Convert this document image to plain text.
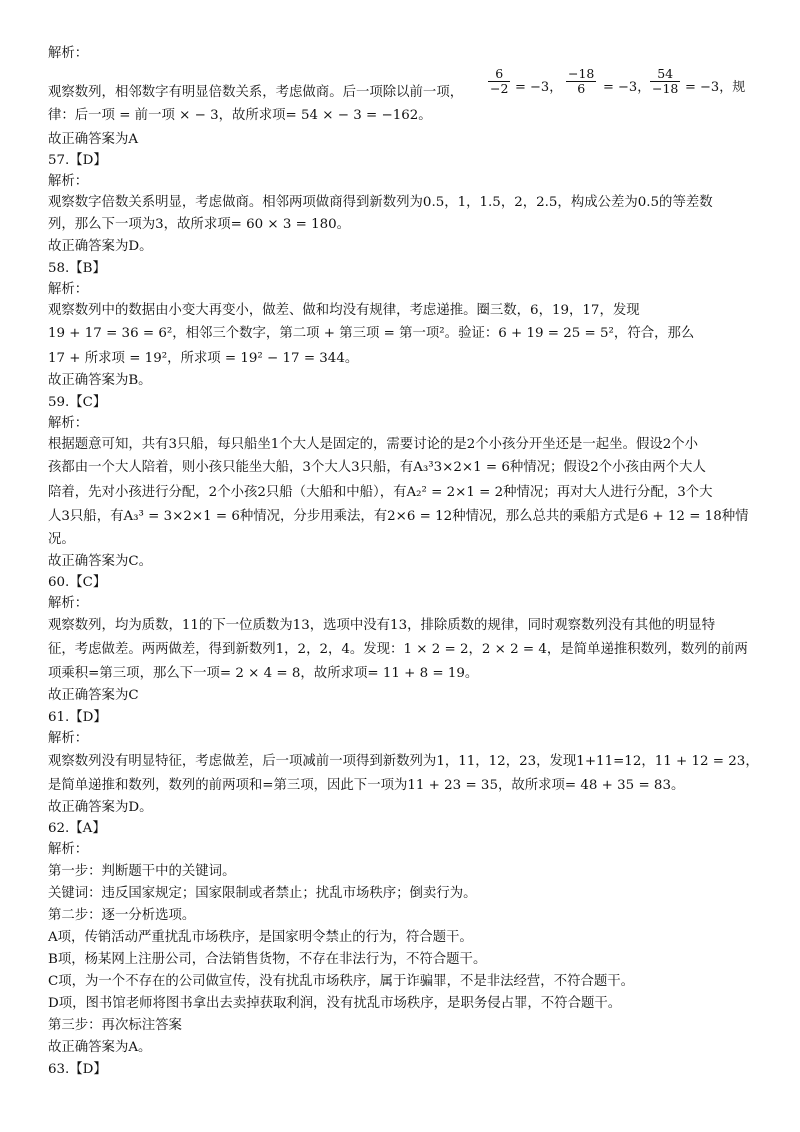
解析：
观察数列，相邻数字有明显倍数关系，考虑做商。后一项除以前一项，
6
−2 = −3，
−18
6	= −3，
54
−18 = −3，规
律：后一项 = 前一项 × − 3，故所求项= 54 × − 3 = −162。
故正确答案为A
57.【D】
解析：
观察数字倍数关系明显，考虑做商。相邻两项做商得到新数列为0.5，1，1.5，2，2.5，构成公差为0.5的等差数
列，那么下一项为3，故所求项= 60 × 3 = 180。
故正确答案为D。
58.【B】
解析：
观察数列中的数据由小变大再变小，做差、做和均没有规律，考虑递推。圈三数，6，19，17，发现
19 + 17 = 36 = 6²，相邻三个数字，第二项 + 第三项 = 第一项²。验证：6 + 19 = 25 = 5²，符合，那么
17 + 所求项 = 19²，所求项 = 19² − 17 = 344。
故正确答案为B。
59.【C】
解析：
根据题意可知，共有3只船，每只船坐1个大人是固定的，需要讨论的是2个小孩分开坐还是一起坐。假设2个小
孩都由一个大人陪着，则小孩只能坐大船，3个大人3只船，有A₃³3×2×1 = 6种情况；假设2个小孩由两个大人
陪着，先对小孩进行分配，2个小孩2只船（大船和中船），有A₂² = 2×1 = 2种情况；再对大人进行分配，3个大
人3只船，有A₃³ = 3×2×1 = 6种情况，分步用乘法，有2×6 = 12种情况，那么总共的乘船方式是6 + 12 = 18种情
况。
故正确答案为C。
60.【C】
解析：
观察数列，均为质数，11的下一位质数为13，选项中没有13，排除质数的规律，同时观察数列没有其他的明显特
征，考虑做差。两两做差，得到新数列1，2，2，4。发现：1 × 2 = 2，2 × 2 = 4，是简单递推积数列，数列的前两
项乘积=第三项，那么下一项= 2 × 4 = 8，故所求项= 11 + 8 = 19。
故正确答案为C
61.【D】
解析：
观察数列没有明显特征，考虑做差，后一项减前一项得到新数列为1，11，12，23，发现1+11=12，11 + 12 = 23，
是简单递推和数列，数列的前两项和=第三项，因此下一项为11 + 23 = 35，故所求项= 48 + 35 = 83。
故正确答案为D。
62.【A】
解析：
第一步：判断题干中的关键词。
关键词：违反国家规定；国家限制或者禁止；扰乱市场秩序；倒卖行为。
第二步：逐一分析选项。
A项，传销活动严重扰乱市场秩序，是国家明令禁止的行为，符合题干。
B项，杨某网上注册公司，合法销售货物，不存在非法行为，不符合题干。
C项，为一个不存在的公司做宣传，没有扰乱市场秩序，属于诈骗罪，不是非法经营，不符合题干。
D项，图书馆老师将图书拿出去卖掉获取利润，没有扰乱市场秩序，是职务侵占罪，不符合题干。
第三步：再次标注答案
故正确答案为A。
63.【D】
